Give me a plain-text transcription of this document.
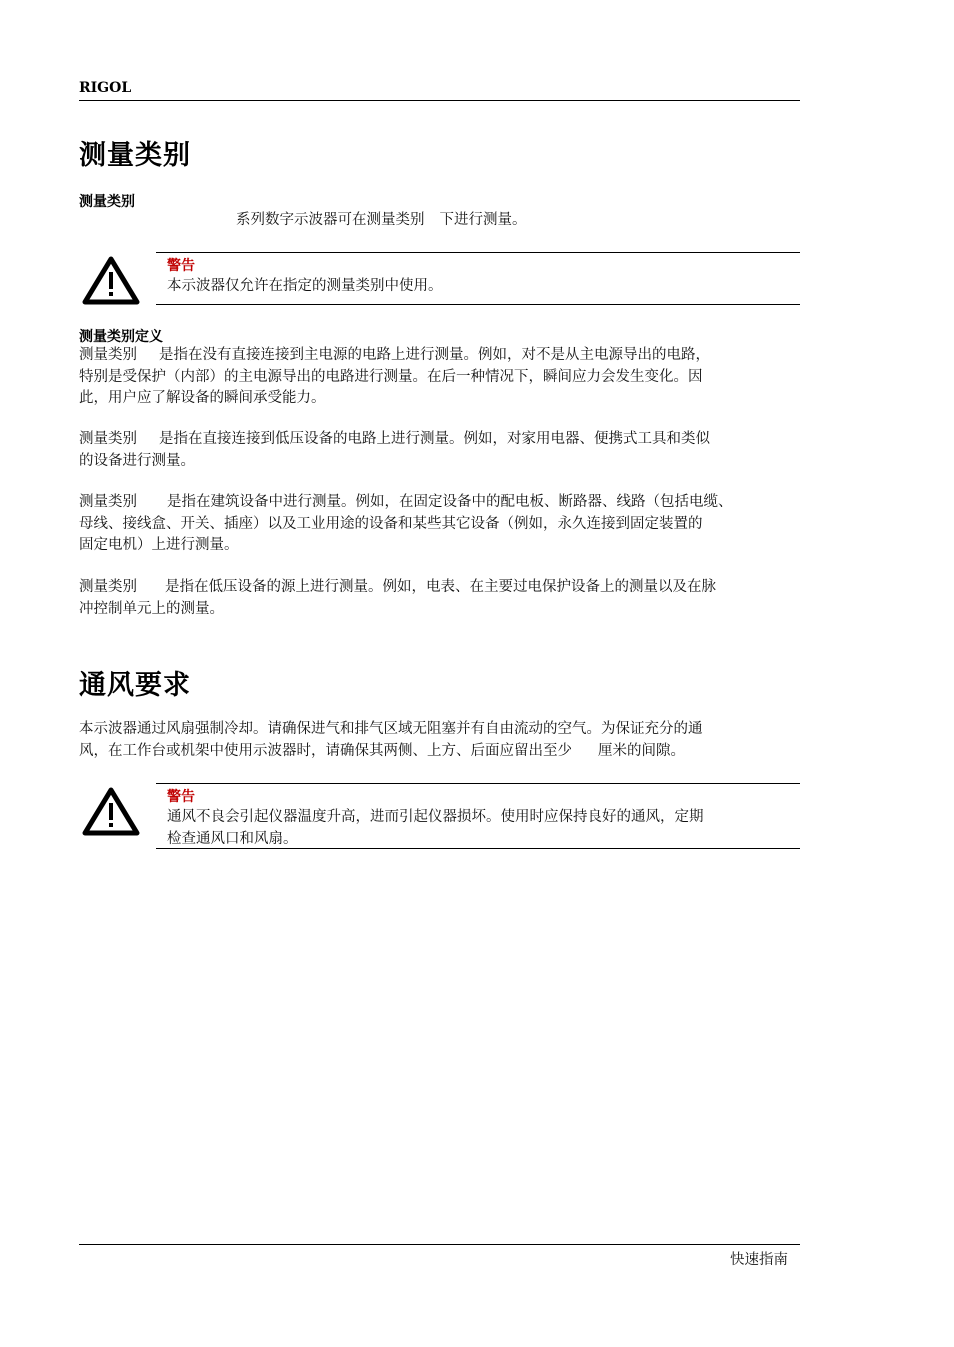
RIGOL
测量类别
测量类别
系列数字示波器可在测量类别 下进行测量。
警告
本示波器仅允许在指定的测量类别中使用。
测量类别定义
测量类别 是指在没有直接连接到主电源的电路上进行测量。例如，对不是从主电源导出的电路，
特别是受保护（内部）的主电源导出的电路进行测量。在后一种情况下，瞬间应力会发生变化。因
此，用户应了解设备的瞬间承受能力。
测量类别 是指在直接连接到低压设备的电路上进行测量。例如，对家用电器、便携式工具和类似
的设备进行测量。
测量类别 是指在建筑设备中进行测量。例如，在固定设备中的配电板、断路器、线路（包括电缆、
母线、接线盒、开关、插座）以及工业用途的设备和某些其它设备（例如，永久连接到固定装置的
固定电机）上进行测量。
测量类别 是指在低压设备的源上进行测量。例如，电表、在主要过电保护设备上的测量以及在脉
冲控制单元上的测量。
通风要求
本示波器通过风扇强制冷却。请确保进气和排气区域无阻塞并有自由流动的空气。为保证充分的通
风，在工作台或机架中使用示波器时，请确保其两侧、上方、后面应留出至少 厘米的间隙。
警告
通风不良会引起仪器温度升高，进而引起仪器损坏。使用时应保持良好的通风，定期
检查通风口和风扇。
快速指南
